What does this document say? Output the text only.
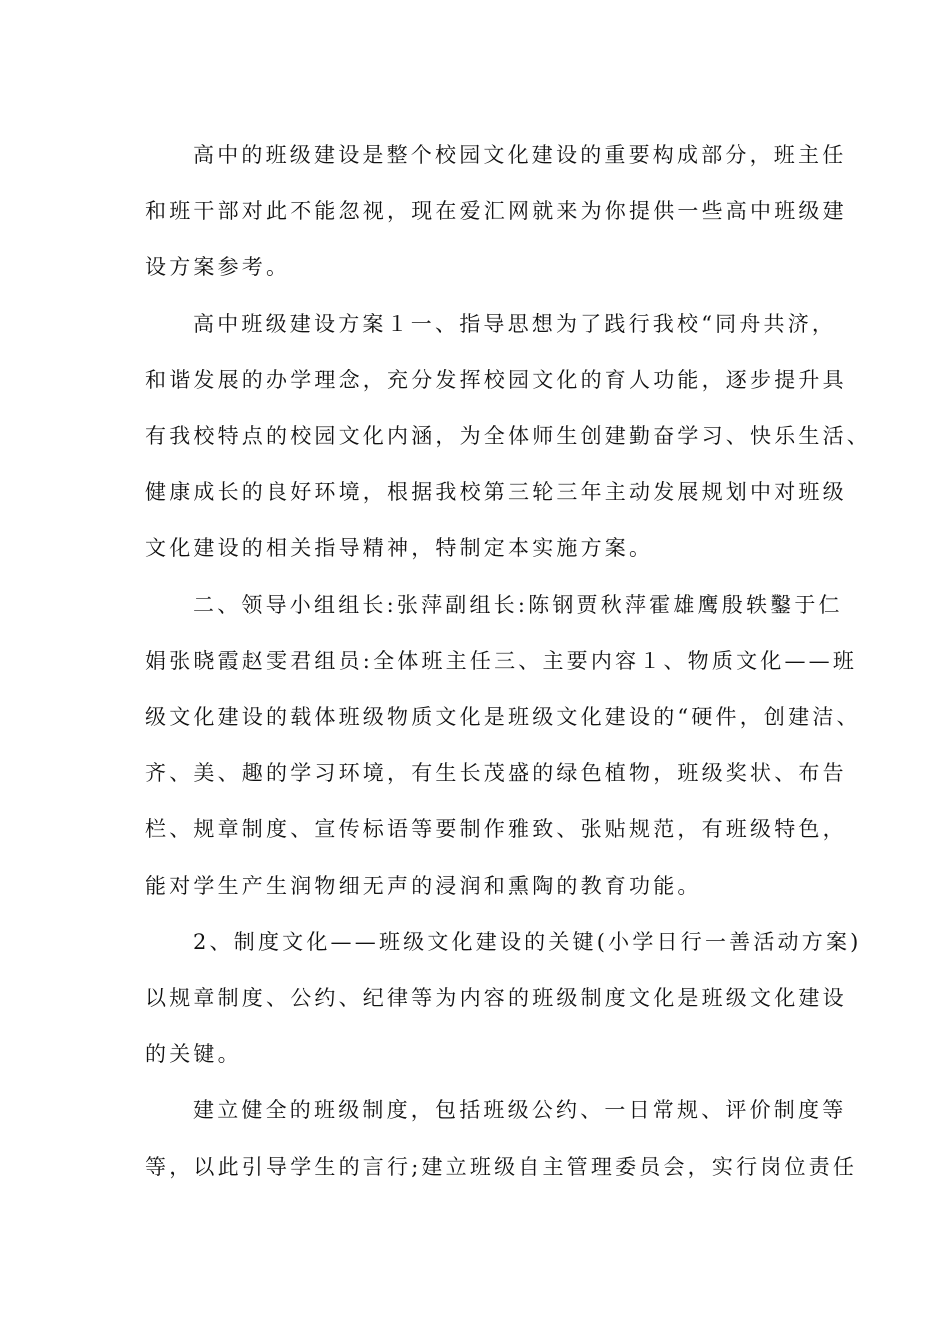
高中的班级建设是整个校园文化建设的重要构成部分，班主任
和班干部对此不能忽视，现在爱汇网就来为你提供一些高中班级建
设方案参考。
高中班级建设方案１一、指导思想为了践行我校“同舟共济，
和谐发展的办学理念，充分发挥校园文化的育人功能，逐步提升具
有我校特点的校园文化内涵，为全体师生创建勤奋学习、快乐生活、
健康成长的良好环境，根据我校第三轮三年主动发展规划中对班级
文化建设的相关指导精神，特制定本实施方案。
二、领导小组组长:张萍副组长:陈钢贾秋萍霍雄鹰殷轶鑿于仁
娟张晓霞赵雯君组员:全体班主任三、主要内容１、物质文化——班
级文化建设的载体班级物质文化是班级文化建设的“硬件，创建洁、
齐、美、趣的学习环境，有生长茂盛的绿色植物，班级奖状、布告
栏、规章制度、宣传标语等要制作雅致、张贴规范，有班级特色，
能对学生产生润物细无声的浸润和熏陶的教育功能。
2、制度文化——班级文化建设的关键(小学日行一善活动方案)
以规章制度、公约、纪律等为内容的班级制度文化是班级文化建设
的关键。
建立健全的班级制度，包括班级公约、一日常规、评价制度等
等，以此引导学生的言行;建立班级自主管理委员会，实行岗位责任
